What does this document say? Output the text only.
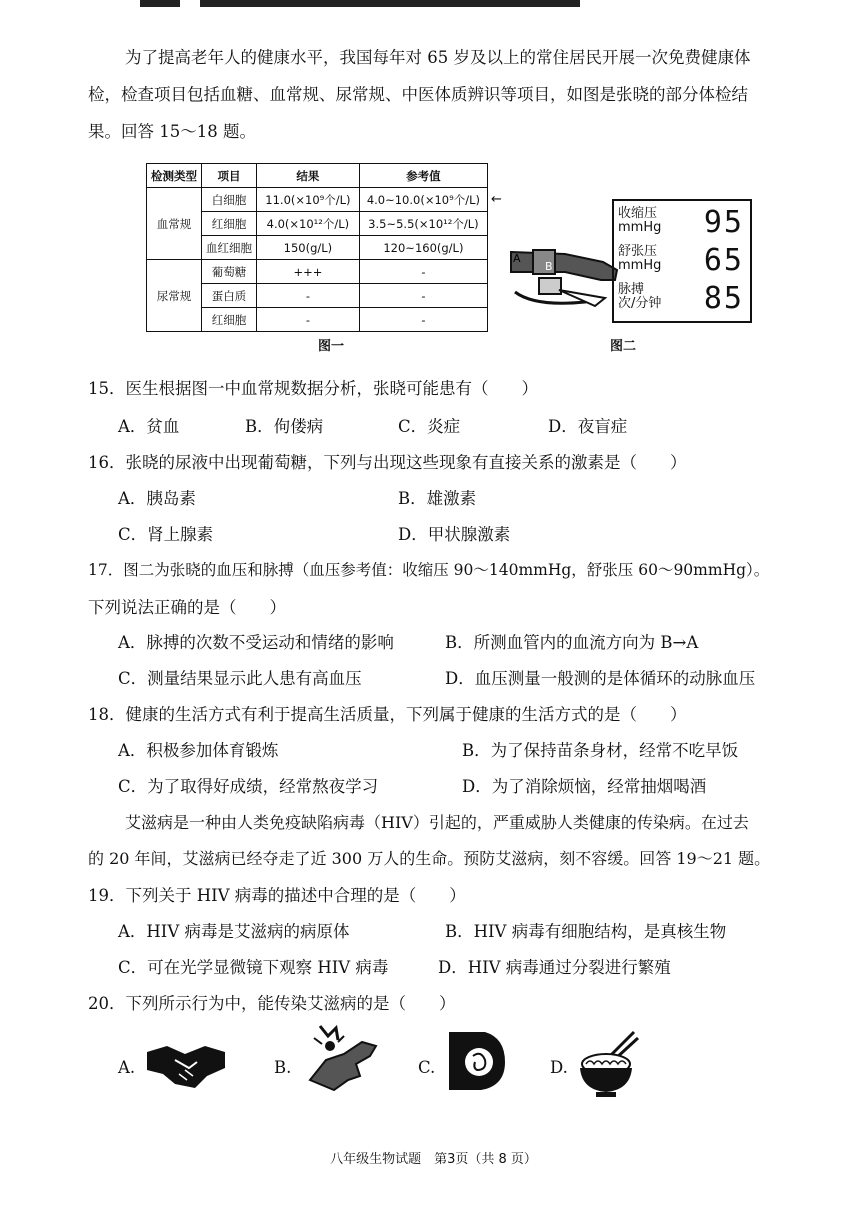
为了提高老年人的健康水平，我国每年对 65 岁及以上的常住居民开展一次免费健康体
检，检查项目包括血糖、血常规、尿常规、中医体质辨识等项目，如图是张晓的部分体检结
果。回答 15～18 题。
检测类型	项目	结果	参考值
血常规	白细胞	11.0(×10⁹个/L)	4.0~10.0(×10⁹个/L)
	红细胞	4.0(×10¹²个/L)	3.5~5.5(×10¹²个/L)
	血红细胞	150(g/L)	120~160(g/L)
尿常规	葡萄糖	+++	-
	蛋白质	-	-
	红细胞	-	-
←
图一
A
B
收缩压
mmHg 95
舒张压
mmHg 65
脉搏
次/分钟 85
图二
15．医生根据图一中血常规数据分析，张晓可能患有（　　）
A．贫血	B．佝偻病	C．炎症	D．夜盲症
16．张晓的尿液中出现葡萄糖，下列与出现这些现象有直接关系的激素是（　　）
A．胰岛素	B．雄激素
C．肾上腺素	D．甲状腺激素
17．图二为张晓的血压和脉搏（血压参考值：收缩压 90～140mmHg，舒张压 60～90mmHg）。
下列说法正确的是（　　）
A．脉搏的次数不受运动和情绪的影响	B．所测血管内的血流方向为 B→A
C．测量结果显示此人患有高血压	D．血压测量一般测的是体循环的动脉血压
18．健康的生活方式有利于提高生活质量，下列属于健康的生活方式的是（　　）
A．积极参加体育锻炼	B．为了保持苗条身材，经常不吃早饭
C．为了取得好成绩，经常熬夜学习	D．为了消除烦恼，经常抽烟喝酒
艾滋病是一种由人类免疫缺陷病毒（HIV）引起的，严重威胁人类健康的传染病。在过去
的 20 年间，艾滋病已经夺走了近 300 万人的生命。预防艾滋病，刻不容缓。回答 19～21 题。
19．下列关于 HIV 病毒的描述中合理的是（　　）
A．HIV 病毒是艾滋病的病原体	B．HIV 病毒有细胞结构，是真核生物
C．可在光学显微镜下观察 HIV 病毒	D．HIV 病毒通过分裂进行繁殖
20．下列所示行为中，能传染艾滋病的是（　　）
A.	B.	C.	D.
八年级生物试题　第3页（共 8 页）
